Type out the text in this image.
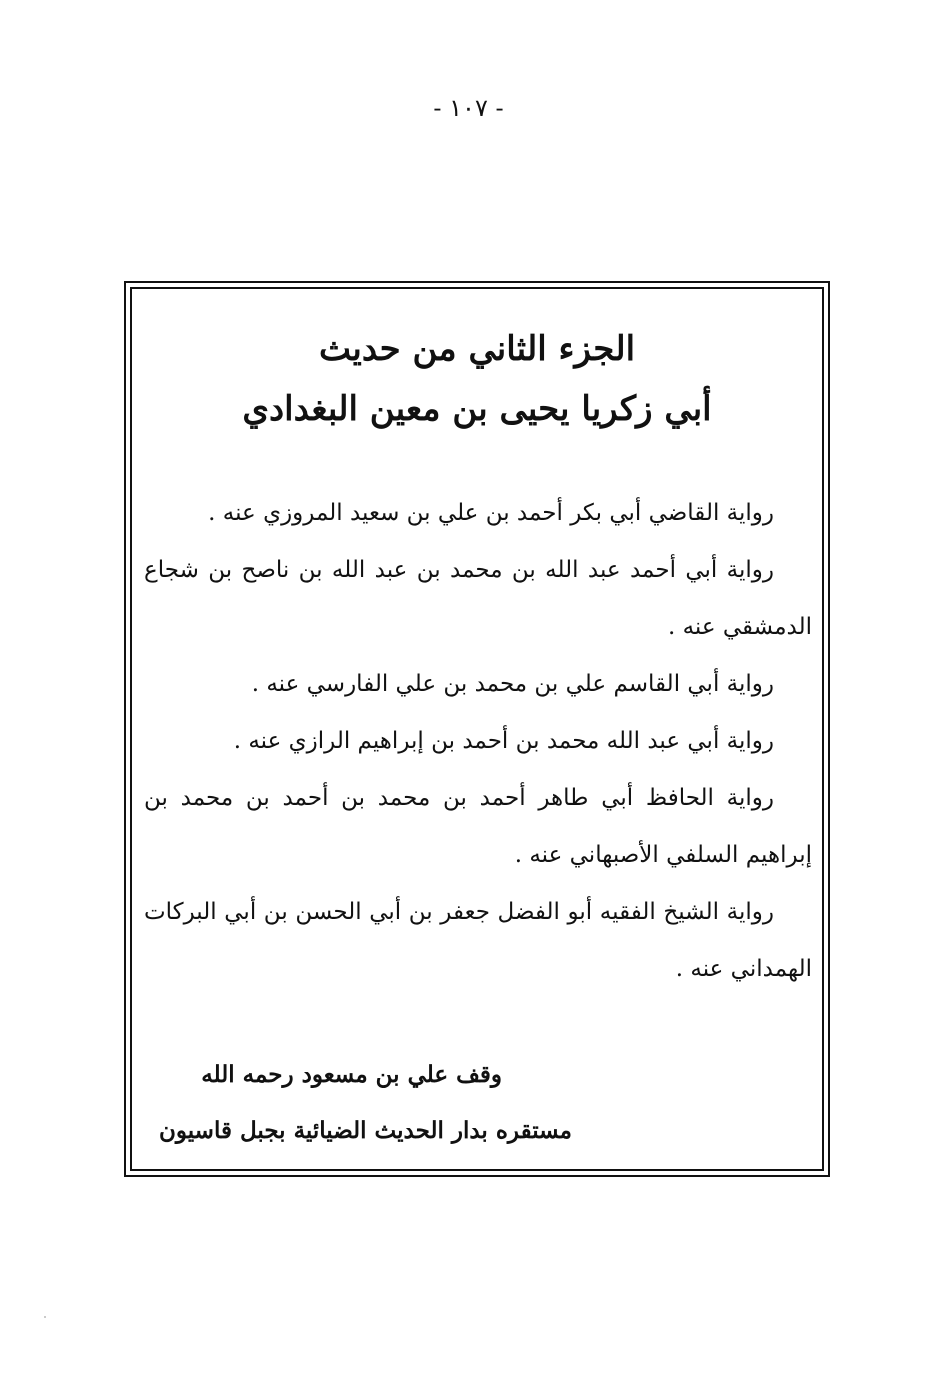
- ١٠٧ -
الجزء الثاني من حديث
أبي زكريا يحيى بن معين البغدادي

رواية القاضي أبي بكر أحمد بن علي بن سعيد المروزي عنه .

رواية أبي أحمد عبد الله بن محمد بن عبد الله بن ناصح بن شجاع الدمشقي عنه .

رواية أبي القاسم علي بن محمد بن علي الفارسي عنه .

رواية أبي عبد الله محمد بن أحمد بن إبراهيم الرازي عنه .

رواية الحافظ أبي طاهر أحمد بن محمد بن أحمد بن محمد بن إبراهيم السلفي الأصبهاني عنه .

رواية الشيخ الفقيه أبو الفضل جعفر بن أبي الحسن بن أبي البركات الهمداني عنه .

وقف علي بن مسعود رحمه الله
مستقره بدار الحديث الضيائية بجبل قاسيون
